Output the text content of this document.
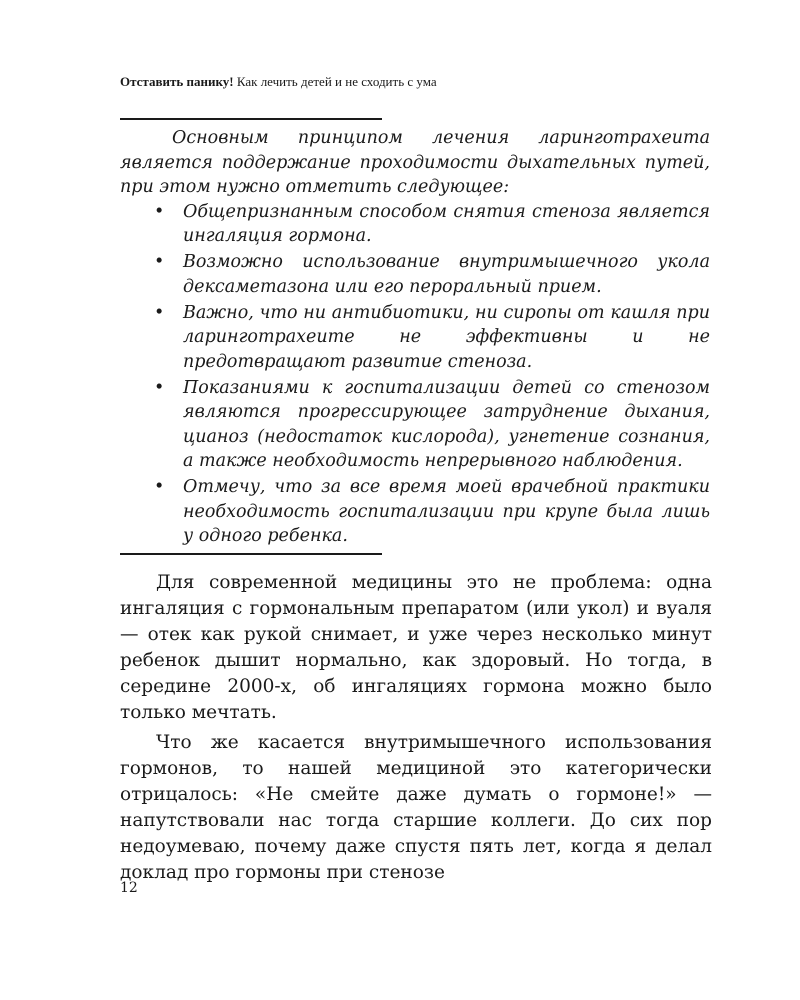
Отставить панику! Как лечить детей и не сходить с ума

Основным принципом лечения ларинготрахеита является поддержание проходимости дыхательных путей, при этом нужно отметить следующее:

• Общепризнанным способом снятия стеноза является ингаляция гормона.
• Возможно использование внутримышечного укола дексаметазона или его пероральный прием.
• Важно, что ни антибиотики, ни сиропы от кашля при ларинготрахеите не эффективны и не предотвращают развитие стеноза.
• Показаниями к госпитализации детей со стенозом являются прогрессирующее затруднение дыхания, цианоз (недостаток кислорода), угнетение сознания, а также необходимость непрерывного наблюдения.
• Отмечу, что за все время моей врачебной практики необходимость госпитализации при крупе была лишь у одного ребенка.

Для современной медицины это не проблема: одна ингаляция с гормональным препаратом (или укол) и вуаля — отек как рукой снимает, и уже через несколько минут ребенок дышит нормально, как здоровый. Но тогда, в середине 2000-х, об ингаляциях гормона можно было только мечтать.

Что же касается внутримышечного использования гормонов, то нашей медициной это категорически отрицалось: «Не смейте даже думать о гормоне!» — напутствовали нас тогда старшие коллеги. До сих пор недоумеваю, почему даже спустя пять лет, когда я делал доклад про гормоны при стенозе

12
